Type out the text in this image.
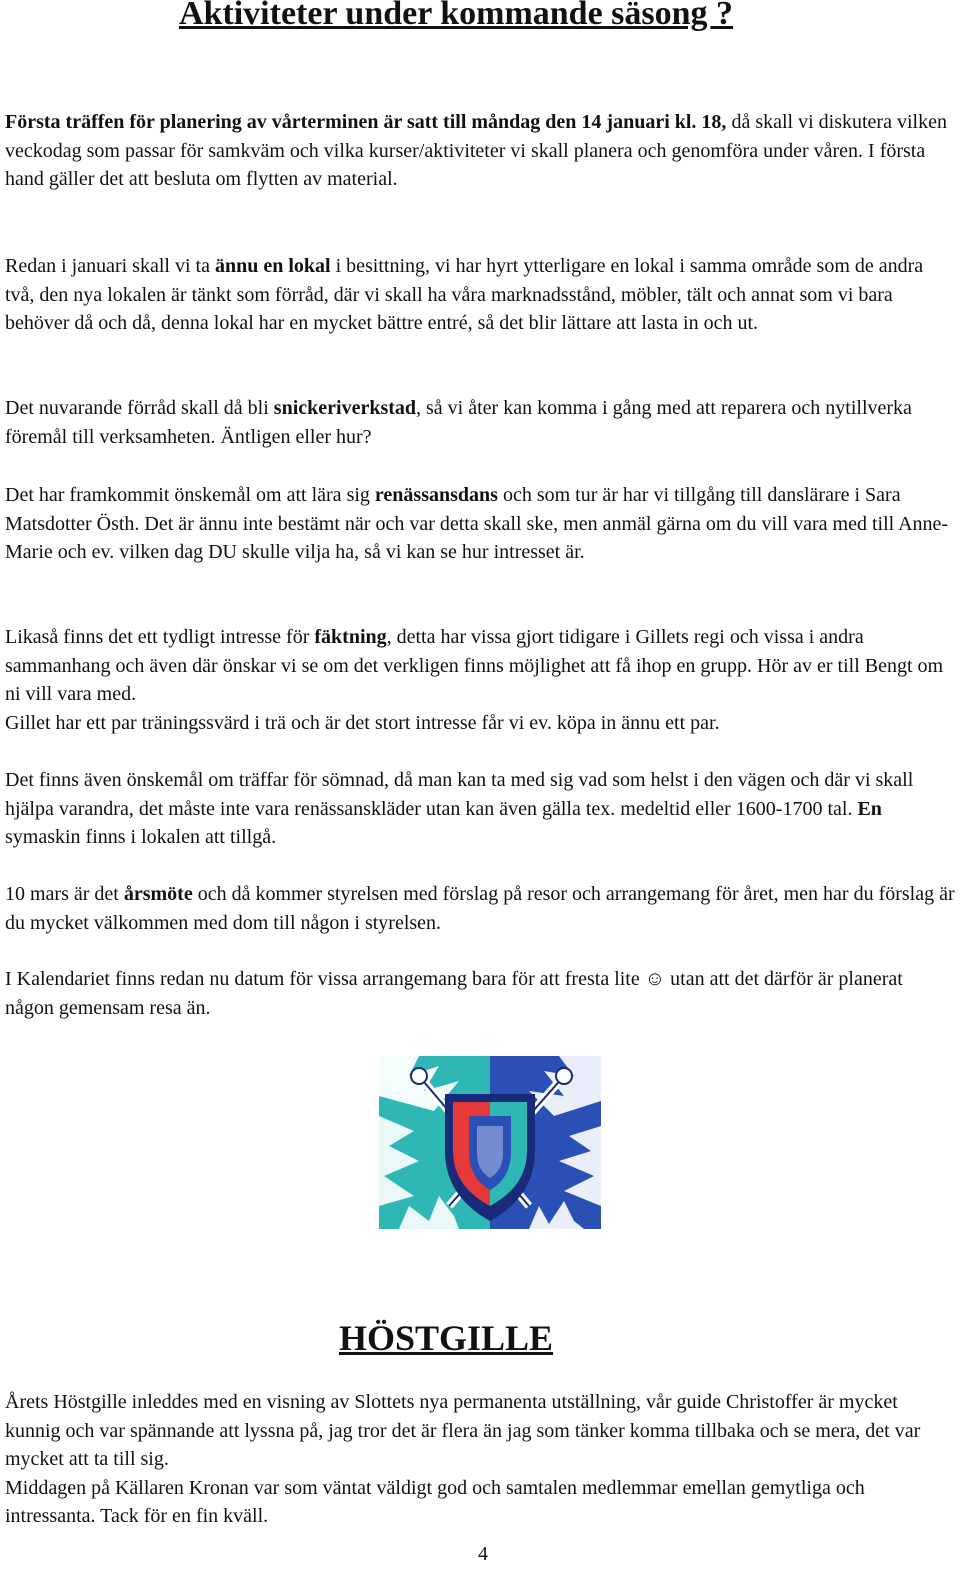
Aktiviteter under kommande säsong ?

Första träffen för planering av vårterminen är satt till måndag den 14 januari kl. 18, då skall vi diskutera vilken veckodag som passar för samkväm och vilka kurser/aktiviteter vi skall planera och genomföra under våren. I första hand gäller det att besluta om flytten av material.

Redan i januari skall vi ta ännu en lokal i besittning, vi har hyrt ytterligare en lokal i samma område som de andra två, den nya lokalen är tänkt som förråd, där vi skall ha våra marknadsstånd, möbler, tält och annat som vi bara behöver då och då, denna lokal har en mycket bättre entré, så det blir lättare att lasta in och ut.

Det nuvarande förråd skall då bli snickeriverkstad, så vi åter kan komma i gång med att reparera och nytillverka föremål till verksamheten. Äntligen eller hur?

Det har framkommit önskemål om att lära sig renässansdans och som tur är har vi tillgång till danslärare i Sara Matsdotter Östh. Det är ännu inte bestämt när och var detta skall ske, men anmäl gärna om du vill vara med till Anne-Marie och ev. vilken dag DU skulle vilja ha, så vi kan se hur intresset är.

Likaså finns det ett tydligt intresse för fäktning, detta har vissa gjort tidigare i Gillets regi och vissa i andra sammanhang och även där önskar vi se om det verkligen finns möjlighet att få ihop en grupp. Hör av er till Bengt om ni vill vara med.
Gillet har ett par träningssvärd i trä och är det stort intresse får vi ev. köpa in ännu ett par.

Det finns även önskemål om träffar för sömnad, då man kan ta med sig vad som helst i den vägen och där vi skall hjälpa varandra, det måste inte vara renässanskläder utan kan även gälla tex. medeltid eller 1600-1700 tal. En symaskin finns i lokalen att tillgå.

10 mars är det årsmöte och då kommer styrelsen med förslag på resor och arrangemang för året, men har du förslag är du mycket välkommen med dom till någon i styrelsen.

I Kalendariet finns redan nu datum för vissa arrangemang bara för att fresta lite ☺ utan att det därför är planerat någon gemensam resa än.

HÖSTGILLE

Årets Höstgille inleddes med en visning av Slottets nya permanenta utställning, vår guide Christoffer är mycket kunnig och var spännande att lyssna på, jag tror det är flera än jag som tänker komma tillbaka och se mera, det var mycket att ta till sig.
Middagen på Källaren Kronan var som väntat väldigt god och samtalen medlemmar emellan gemytliga och intressanta. Tack för en fin kväll.

4
